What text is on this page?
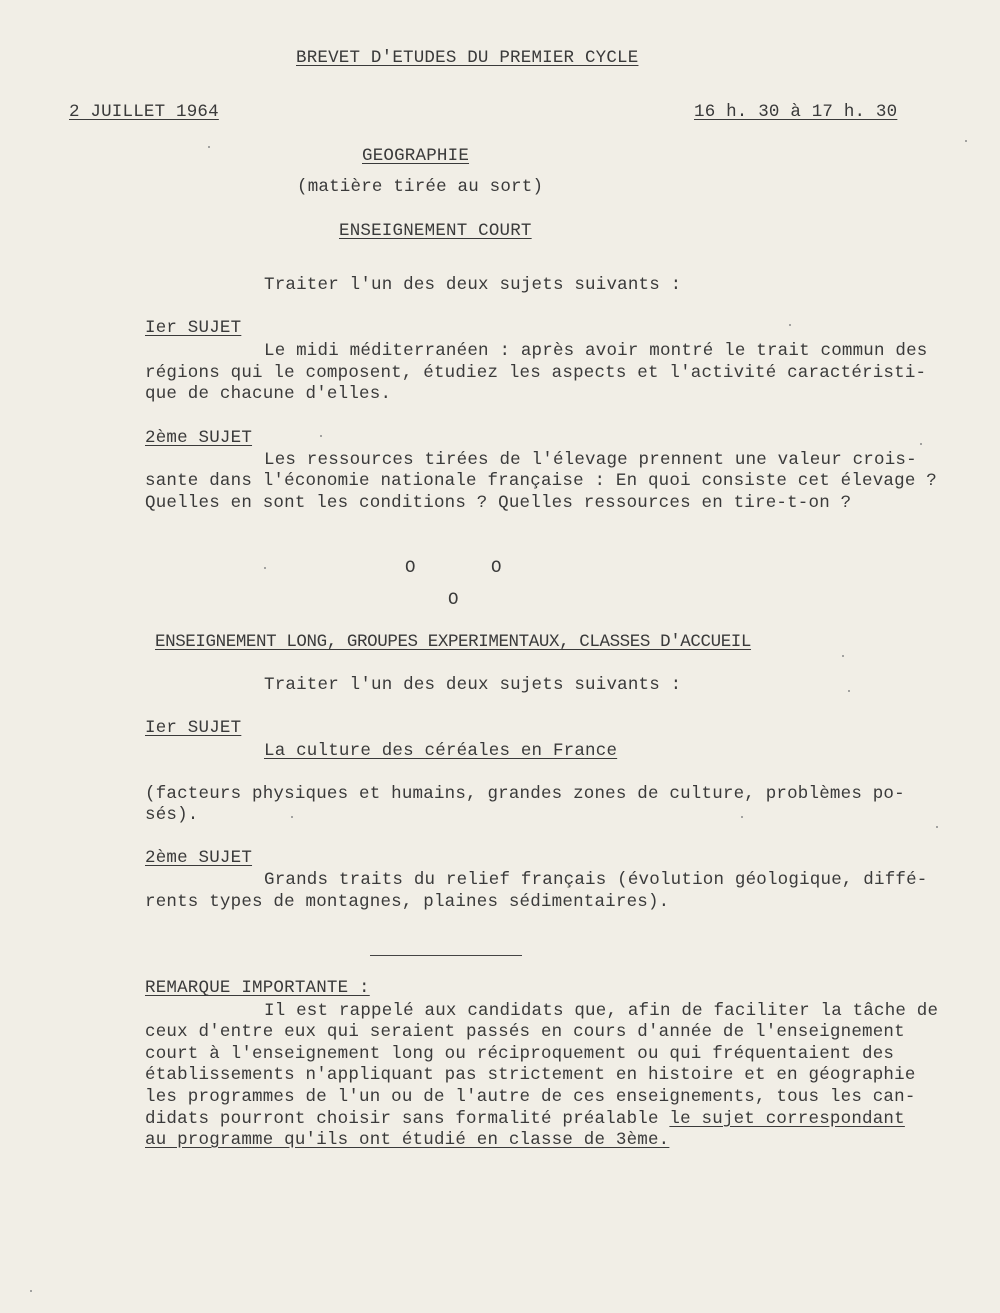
BREVET D'ETUDES DU PREMIER CYCLE
2 JUILLET 1964	16 h. 30 à 17 h. 30
GEOGRAPHIE
(matière tirée au sort)
ENSEIGNEMENT COURT
Traiter l'un des deux sujets suivants :
Ier SUJET
Le midi méditerranéen : après avoir montré le trait commun des
régions qui le composent, étudiez les aspects et l'activité caractéristi-
que de chacune d'elles.
2ème SUJET
Les ressources tirées de l'élevage prennent une valeur crois-
sante dans l'économie nationale française : En quoi consiste cet élevage ?
Quelles en sont les conditions ? Quelles ressources en tire-t-on ?
O	O
O
ENSEIGNEMENT LONG, GROUPES EXPERIMENTAUX, CLASSES D'ACCUEIL
Traiter l'un des deux sujets suivants :
Ier SUJET
La culture des céréales en France
(facteurs physiques et humains, grandes zones de culture, problèmes po-
sés).
2ème SUJET
Grands traits du relief français (évolution géologique, diffé-
rents types de montagnes, plaines sédimentaires).
REMARQUE IMPORTANTE :
Il est rappelé aux candidats que, afin de faciliter la tâche de
ceux d'entre eux qui seraient passés en cours d'année de l'enseignement
court à l'enseignement long ou réciproquement ou qui fréquentaient des
établissements n'appliquant pas strictement en histoire et en géographie
les programmes de l'un ou de l'autre de ces enseignements, tous les can-
didats pourront choisir sans formalité préalable le sujet correspondant
au programme qu'ils ont étudié en classe de 3ème.
